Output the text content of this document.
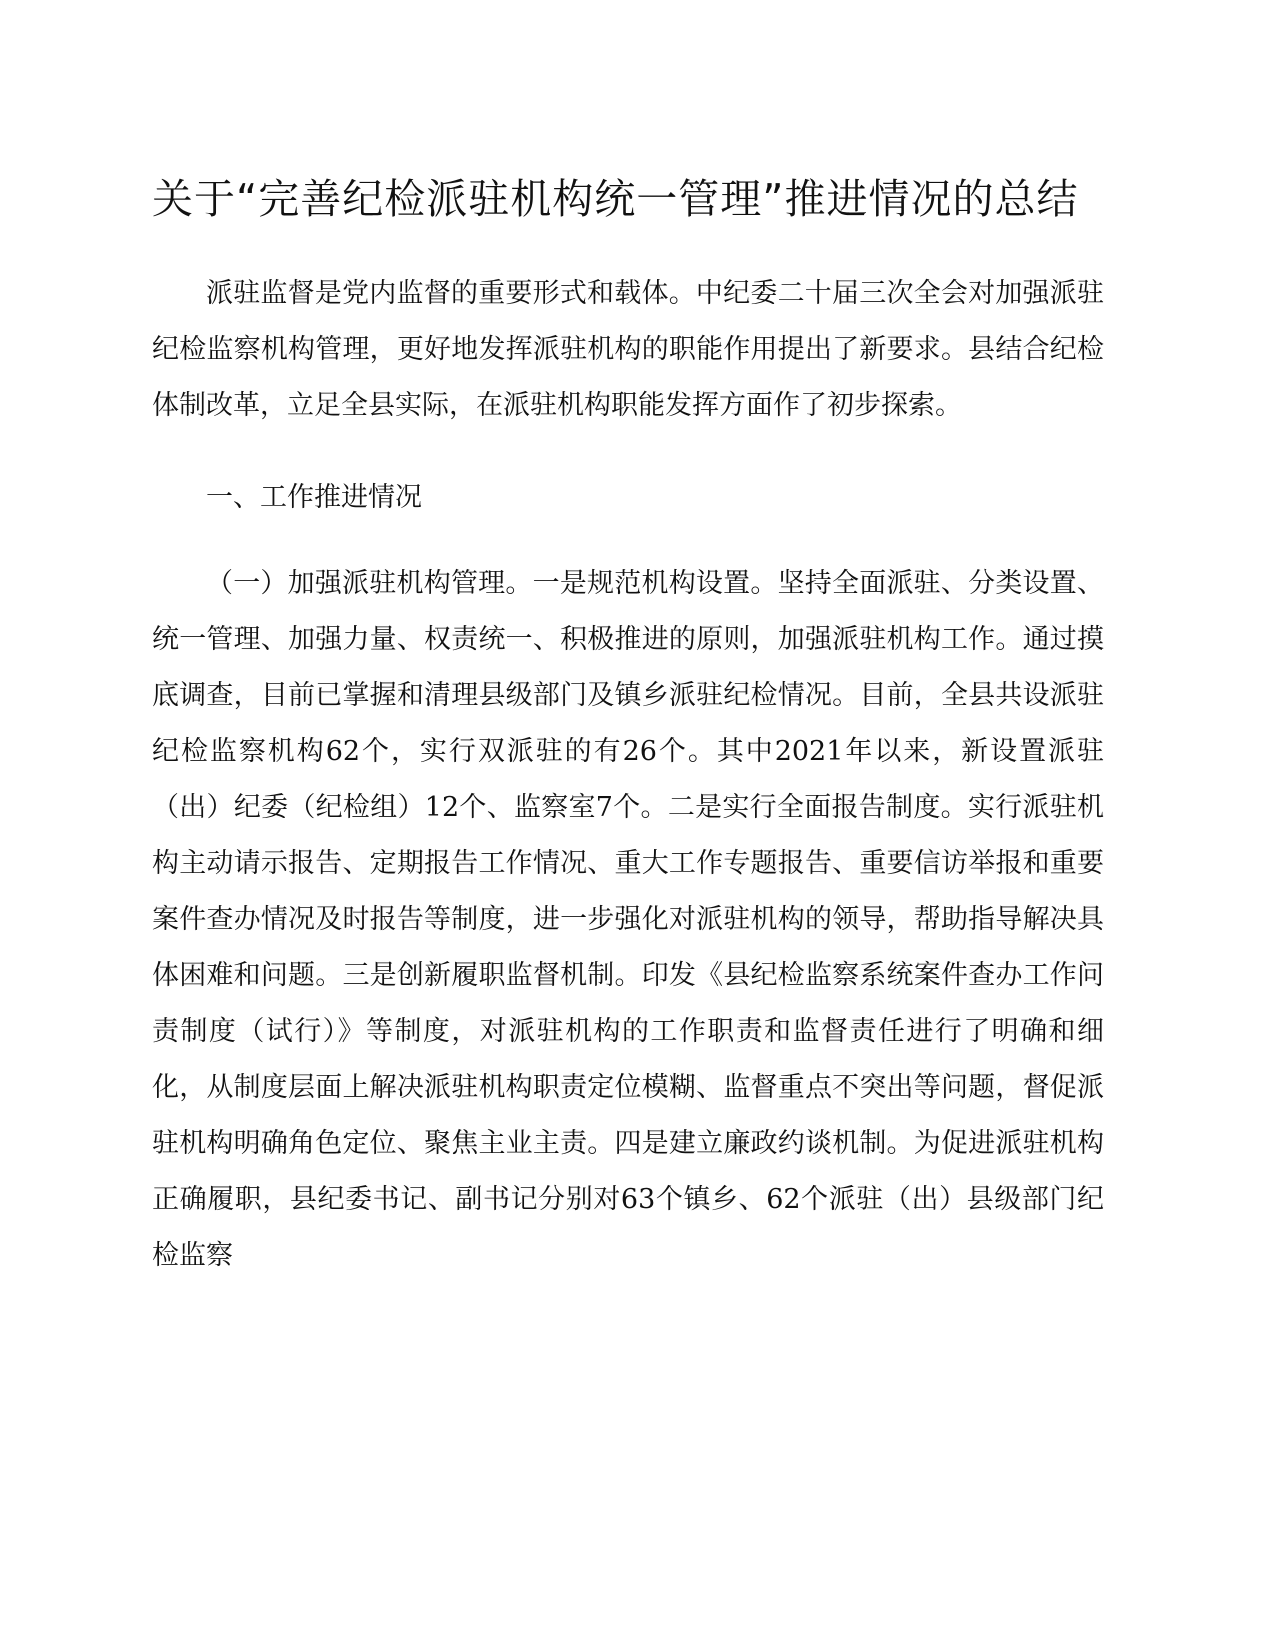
关于“完善纪检派驻机构统一管理”推进情况的总结

派驻监督是党内监督的重要形式和载体。中纪委二十届三次全会对加强派驻纪检监察机构管理，更好地发挥派驻机构的职能作用提出了新要求。县结合纪检体制改革，立足全县实际，在派驻机构职能发挥方面作了初步探索。

一、工作推进情况

（一）加强派驻机构管理。一是规范机构设置。坚持全面派驻、分类设置、统一管理、加强力量、权责统一、积极推进的原则，加强派驻机构工作。通过摸底调查，目前已掌握和清理县级部门及镇乡派驻纪检情况。目前，全县共设派驻纪检监察机构62个，实行双派驻的有26个。其中2021年以来，新设置派驻（出）纪委（纪检组）12个、监察室7个。二是实行全面报告制度。实行派驻机构主动请示报告、定期报告工作情况、重大工作专题报告、重要信访举报和重要案件查办情况及时报告等制度，进一步强化对派驻机构的领导，帮助指导解决具体困难和问题。三是创新履职监督机制。印发《县纪检监察系统案件查办工作问责制度（试行）》等制度，对派驻机构的工作职责和监督责任进行了明确和细化，从制度层面上解决派驻机构职责定位模糊、监督重点不突出等问题，督促派驻机构明确角色定位、聚焦主业主责。四是建立廉政约谈机制。为促进派驻机构正确履职，县纪委书记、副书记分别对63个镇乡、62个派驻（出）县级部门纪检监察
